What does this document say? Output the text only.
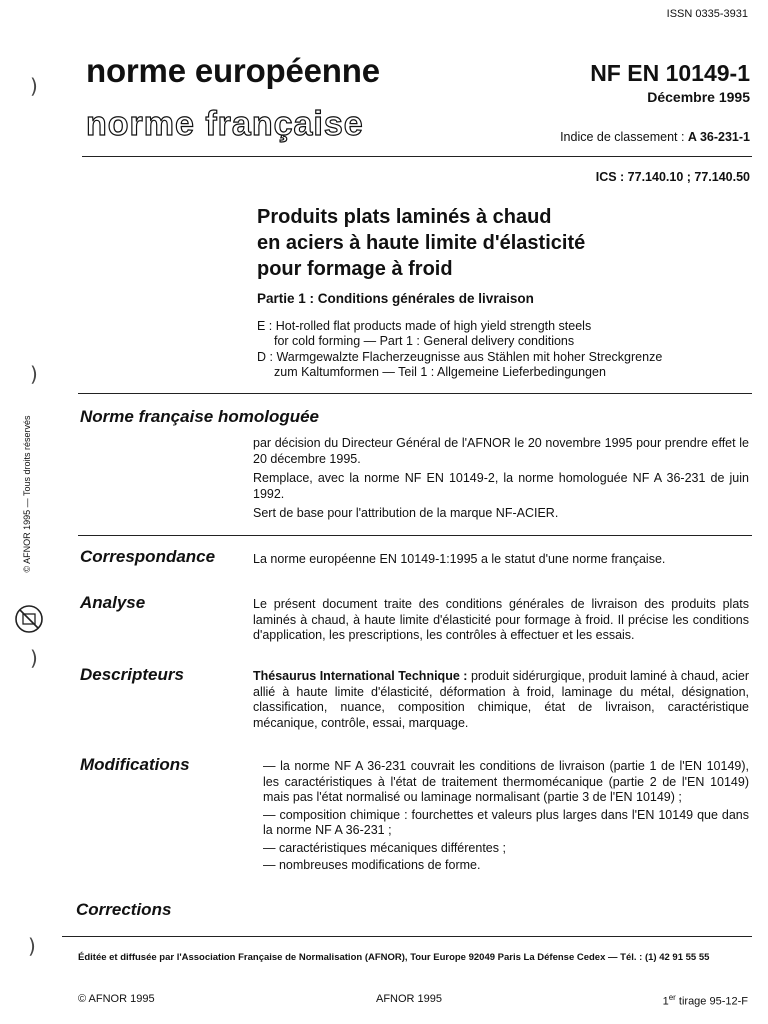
ISSN 0335-3931
norme européenne
norme française
NF EN 10149-1
Décembre 1995
Indice de classement : A 36-231-1
ICS : 77.140.10 ; 77.140.50
Produits plats laminés à chaud
en aciers à haute limite d'élasticité
pour formage à froid
Partie 1 : Conditions générales de livraison
E : Hot-rolled flat products made of high yield strength steels
for cold forming — Part 1 : General delivery conditions
D : Warmgewalzte Flacherzeugnisse aus Stählen mit hoher Streckgrenze
zum Kaltumformen — Teil 1 : Allgemeine Lieferbedingungen
Norme française homologuée

par décision du Directeur Général de l'AFNOR le 20 novembre 1995 pour prendre effet le 20 décembre 1995.

Remplace, avec la norme NF EN 10149-2, la norme homologuée NF A 36-231 de juin 1992.

Sert de base pour l'attribution de la marque NF-ACIER.

Correspondance	La norme européenne EN 10149-1:1995 a le statut d'une norme française.
Analyse	Le présent document traite des conditions générales de livraison des produits plats laminés à chaud, à haute limite d'élasticité pour formage à froid. Il précise les conditions d'application, les prescriptions, les contrôles à effectuer et les essais.
Descripteurs	Thésaurus International Technique : produit sidérurgique, produit laminé à chaud, acier allié à haute limite d'élasticité, déformation à froid, laminage du métal, désignation, classification, nuance, composition chimique, état de livraison, caractéristique mécanique, contrôle, essai, marquage.
Modifications	— la norme NF A 36-231 couvrait les conditions de livraison (partie 1 de l'EN 10149), les caractéristiques à l'état de traitement thermomécanique (partie 2 de l'EN 10149) mais pas l'état normalisé ou laminage normalisant (partie 3 de l'EN 10149) ;
— composition chimique : fourchettes et valeurs plus larges dans l'EN 10149 que dans la norme NF A 36-231 ;
— caractéristiques mécaniques différentes ;
— nombreuses modifications de forme.
Corrections
© AFNOR 1995 — Tous droits réservés
)
)
)
)	Éditée et diffusée par l'Association Française de Normalisation (AFNOR), Tour Europe 92049 Paris La Défense Cedex — Tél. : (1) 42 91 55 55
© AFNOR 1995	AFNOR 1995	1er tirage 95-12-F
